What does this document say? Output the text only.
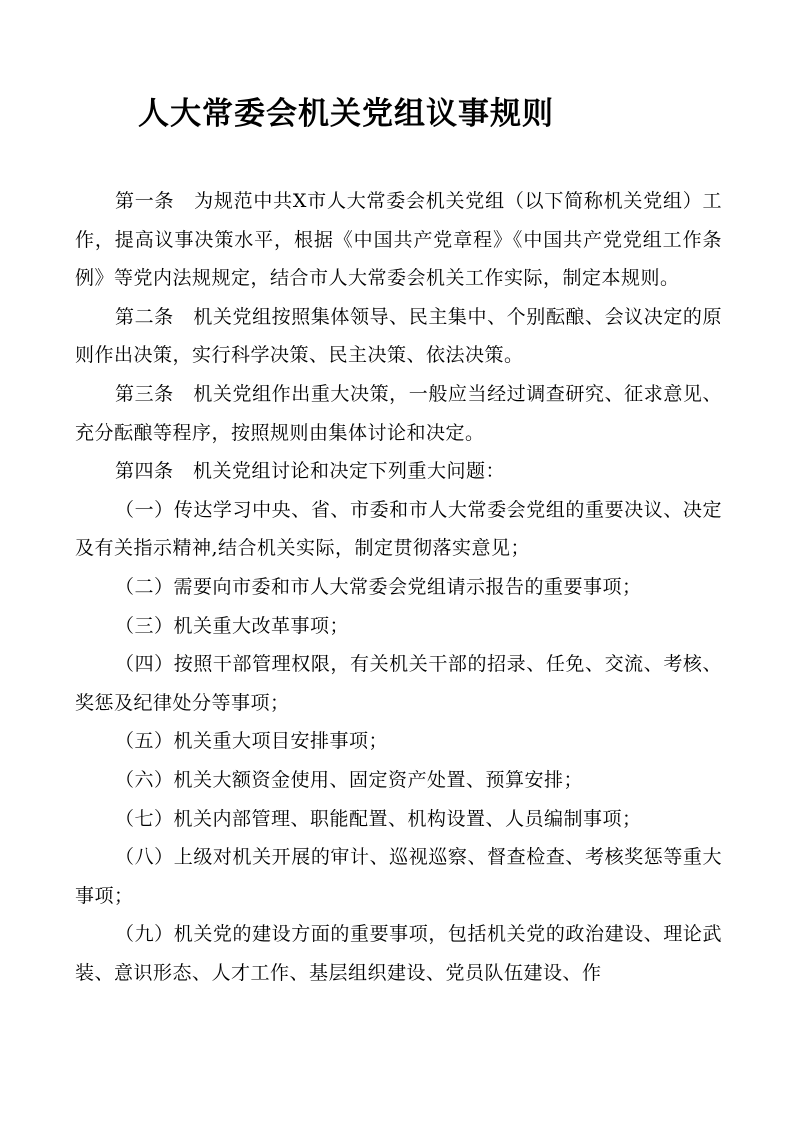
人大常委会机关党组议事规则

第一条　为规范中共X市人大常委会机关党组（以下简称机关党组）工作，提高议事决策水平，根据《中国共产党章程》《中国共产党党组工作条例》等党内法规规定，结合市人大常委会机关工作实际，制定本规则。

第二条　机关党组按照集体领导、民主集中、个别酝酿、会议决定的原则作出决策，实行科学决策、民主决策、依法决策。

第三条　机关党组作出重大决策，一般应当经过调查研究、征求意见、充分酝酿等程序，按照规则由集体讨论和决定。

第四条　机关党组讨论和决定下列重大问题：

（一）传达学习中央、省、市委和市人大常委会党组的重要决议、决定及有关指示精神,结合机关实际，制定贯彻落实意见；

（二）需要向市委和市人大常委会党组请示报告的重要事项；

（三）机关重大改革事项；

（四）按照干部管理权限，有关机关干部的招录、任免、交流、考核、奖惩及纪律处分等事项；

（五）机关重大项目安排事项；

（六）机关大额资金使用、固定资产处置、预算安排；

（七）机关内部管理、职能配置、机构设置、人员编制事项；

（八）上级对机关开展的审计、巡视巡察、督查检查、考核奖惩等重大事项；

（九）机关党的建设方面的重要事项，包括机关党的政治建设、理论武装、意识形态、人才工作、基层组织建设、党员队伍建设、作
